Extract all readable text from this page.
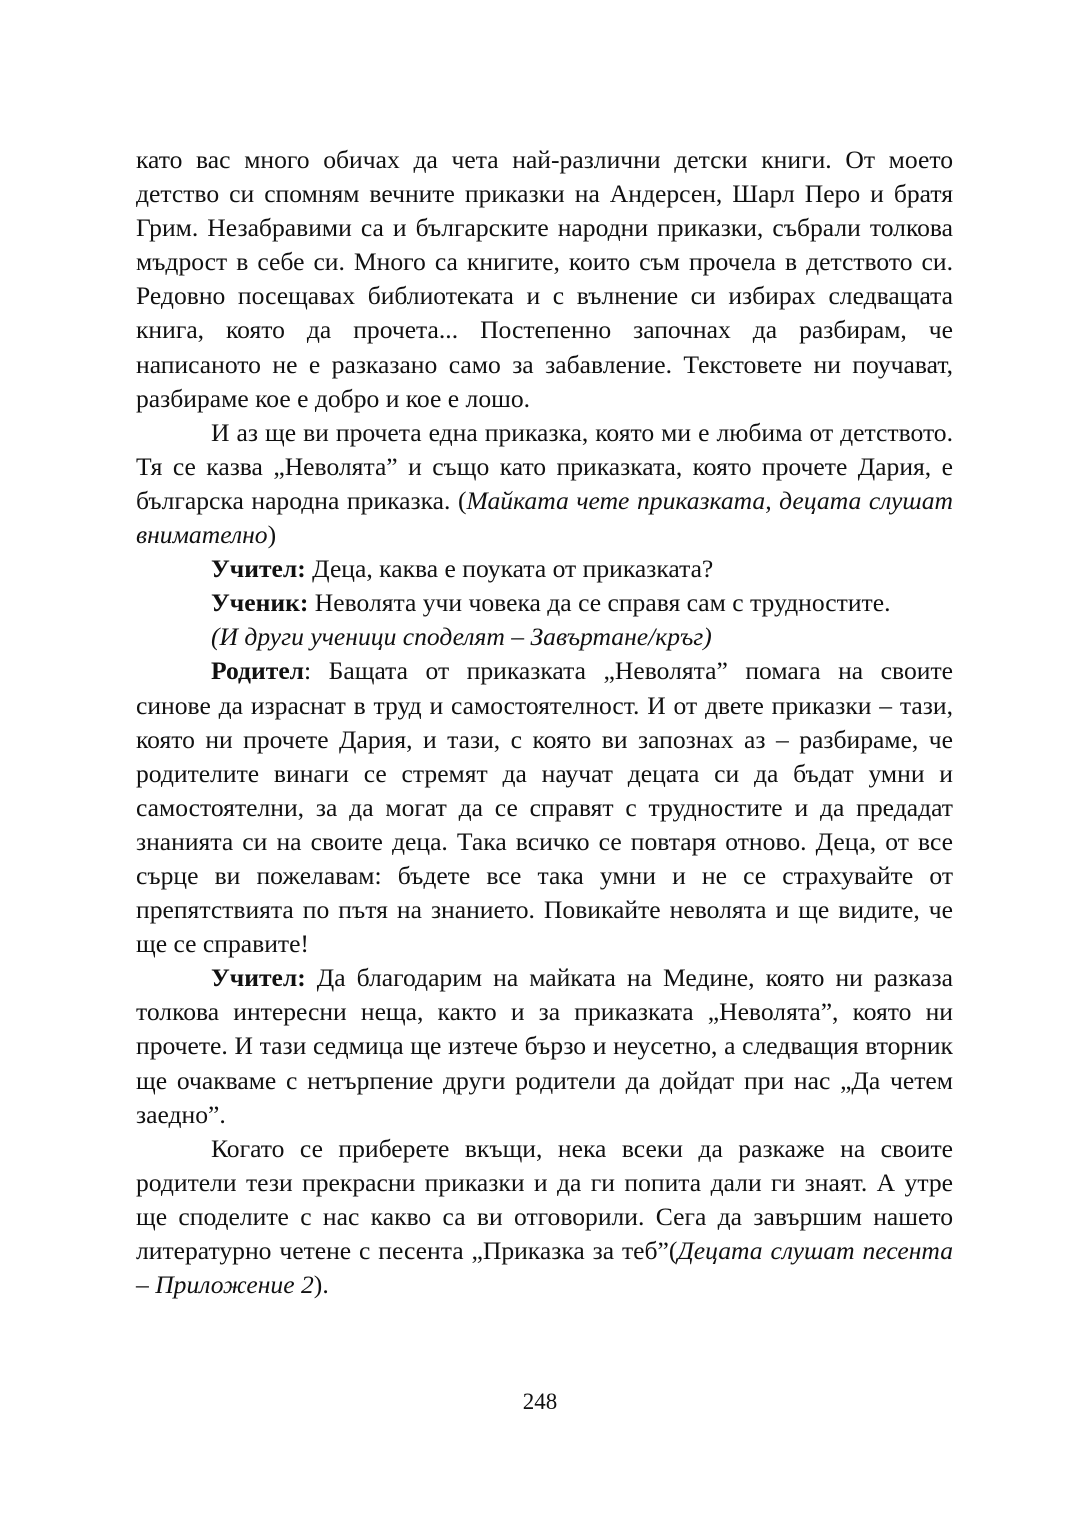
като вас много обичах да чета най-различни детски книги. От моето детство си спомням вечните приказки на Андерсен, Шарл Перо и братя Грим. Незабравими са и българските народни приказки, събрали толкова мъдрост в себе си. Много са книгите, които съм прочела в детството си. Редовно посещавах библиотеката и с вълнение си избирах следващата книга, която да прочета... Постепенно започнах да разбирам, че написаното не е разказано само за забавление. Текстовете ни поучават, разбираме кое е добро и кое е лошо.

И аз ще ви прочета една приказка, която ми е любима от детството. Тя се казва „Неволята” и също като приказката, която прочете Дария, е българска народна приказка. (Майката чете приказката, децата слушат внимателно)

Учител: Деца, каква е поуката от приказката?

Ученик: Неволята учи човека да се справя сам с трудностите.

(И други ученици споделят – Завъртане/кръг)

Родител: Бащата от приказката „Неволята” помага на своите синове да израснат в труд и самостоятелност. И от двете приказки – тази, която ни прочете Дария, и тази, с която ви запознах аз – разбираме, че родителите винаги се стремят да научат децата си да бъдат умни и самостоятелни, за да могат да се справят с трудностите и да предадат знанията си на своите деца. Така всичко се повтаря отново. Деца, от все сърце ви пожелавам: бъдете все така умни и не се страхувайте от препятствията по пътя на знанието. Повикайте неволята и ще видите, че ще се справите!

Учител: Да благодарим на майката на Медине, която ни разказа толкова интересни неща, както и за приказката „Неволята”, която ни прочете. И тази седмица ще изтече бързо и неусетно, а следващия вторник ще очакваме с нетърпение други родители да дойдат при нас „Да четем заедно”.

Когато се приберете вкъщи, нека всеки да разкаже на своите родители тези прекрасни приказки и да ги попита дали ги знаят. А утре ще споделите с нас какво са ви отговорили. Сега да завършим нашето литературно четене с песента „Приказка за теб”(Децата слушат песента – Приложение 2).

248
